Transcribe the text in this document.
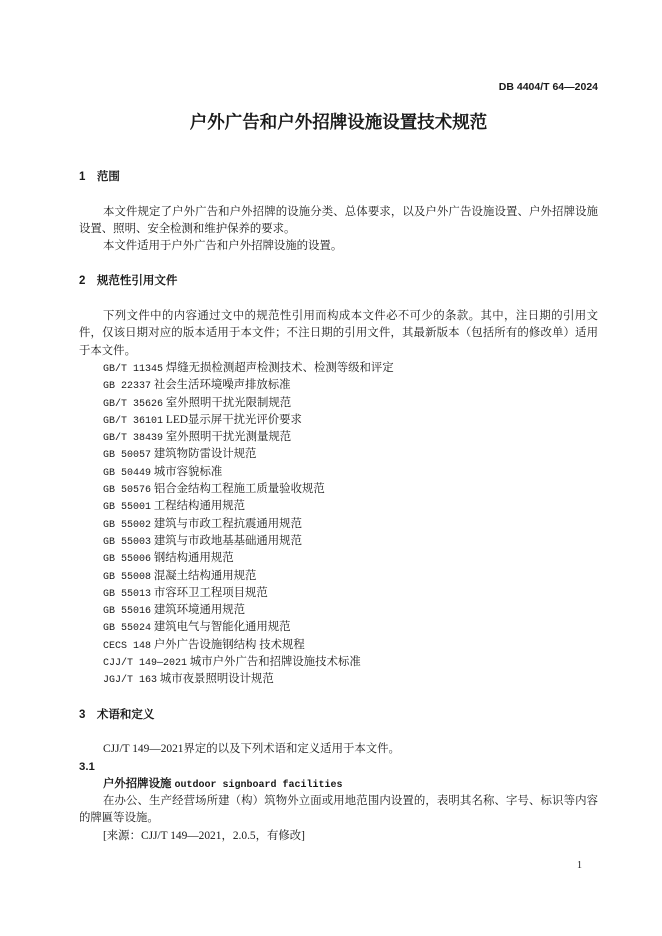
DB 4404/T 64—2024
户外广告和户外招牌设施设置技术规范
1 范围

本文件规定了户外广告和户外招牌的设施分类、总体要求，以及户外广告设施设置、户外招牌设施设置、照明、安全检测和维护保养的要求。

本文件适用于户外广告和户外招牌设施的设置。

2 规范性引用文件

下列文件中的内容通过文中的规范性引用而构成本文件必不可少的条款。其中，注日期的引用文件，仅该日期对应的版本适用于本文件；不注日期的引用文件，其最新版本（包括所有的修改单）适用于本文件。

GB/T 11345 焊缝无损检测超声检测技术、检测等级和评定
GB 22337 社会生活环境噪声排放标准
GB/T 35626 室外照明干扰光限制规范
GB/T 36101 LED显示屏干扰光评价要求
GB/T 38439 室外照明干扰光测量规范
GB 50057 建筑物防雷设计规范
GB 50449 城市容貌标准
GB 50576 铝合金结构工程施工质量验收规范
GB 55001 工程结构通用规范
GB 55002 建筑与市政工程抗震通用规范
GB 55003 建筑与市政地基基础通用规范
GB 55006 钢结构通用规范
GB 55008 混凝土结构通用规范
GB 55013 市容环卫工程项目规范
GB 55016 建筑环境通用规范
GB 55024 建筑电气与智能化通用规范
CECS 148 户外广告设施钢结构 技术规程
CJJ/T 149—2021 城市户外广告和招牌设施技术标准
JGJ/T 163 城市夜景照明设计规范
3 术语和定义

CJJ/T 149—2021界定的以及下列术语和定义适用于本文件。

3.1
户外招牌设施 outdoor signboard facilities

在办公、生产经营场所建（构）筑物外立面或用地范围内设置的，表明其名称、字号、标识等内容的牌匾等设施。

[来源：CJJ/T 149—2021，2.0.5，有修改]
1
